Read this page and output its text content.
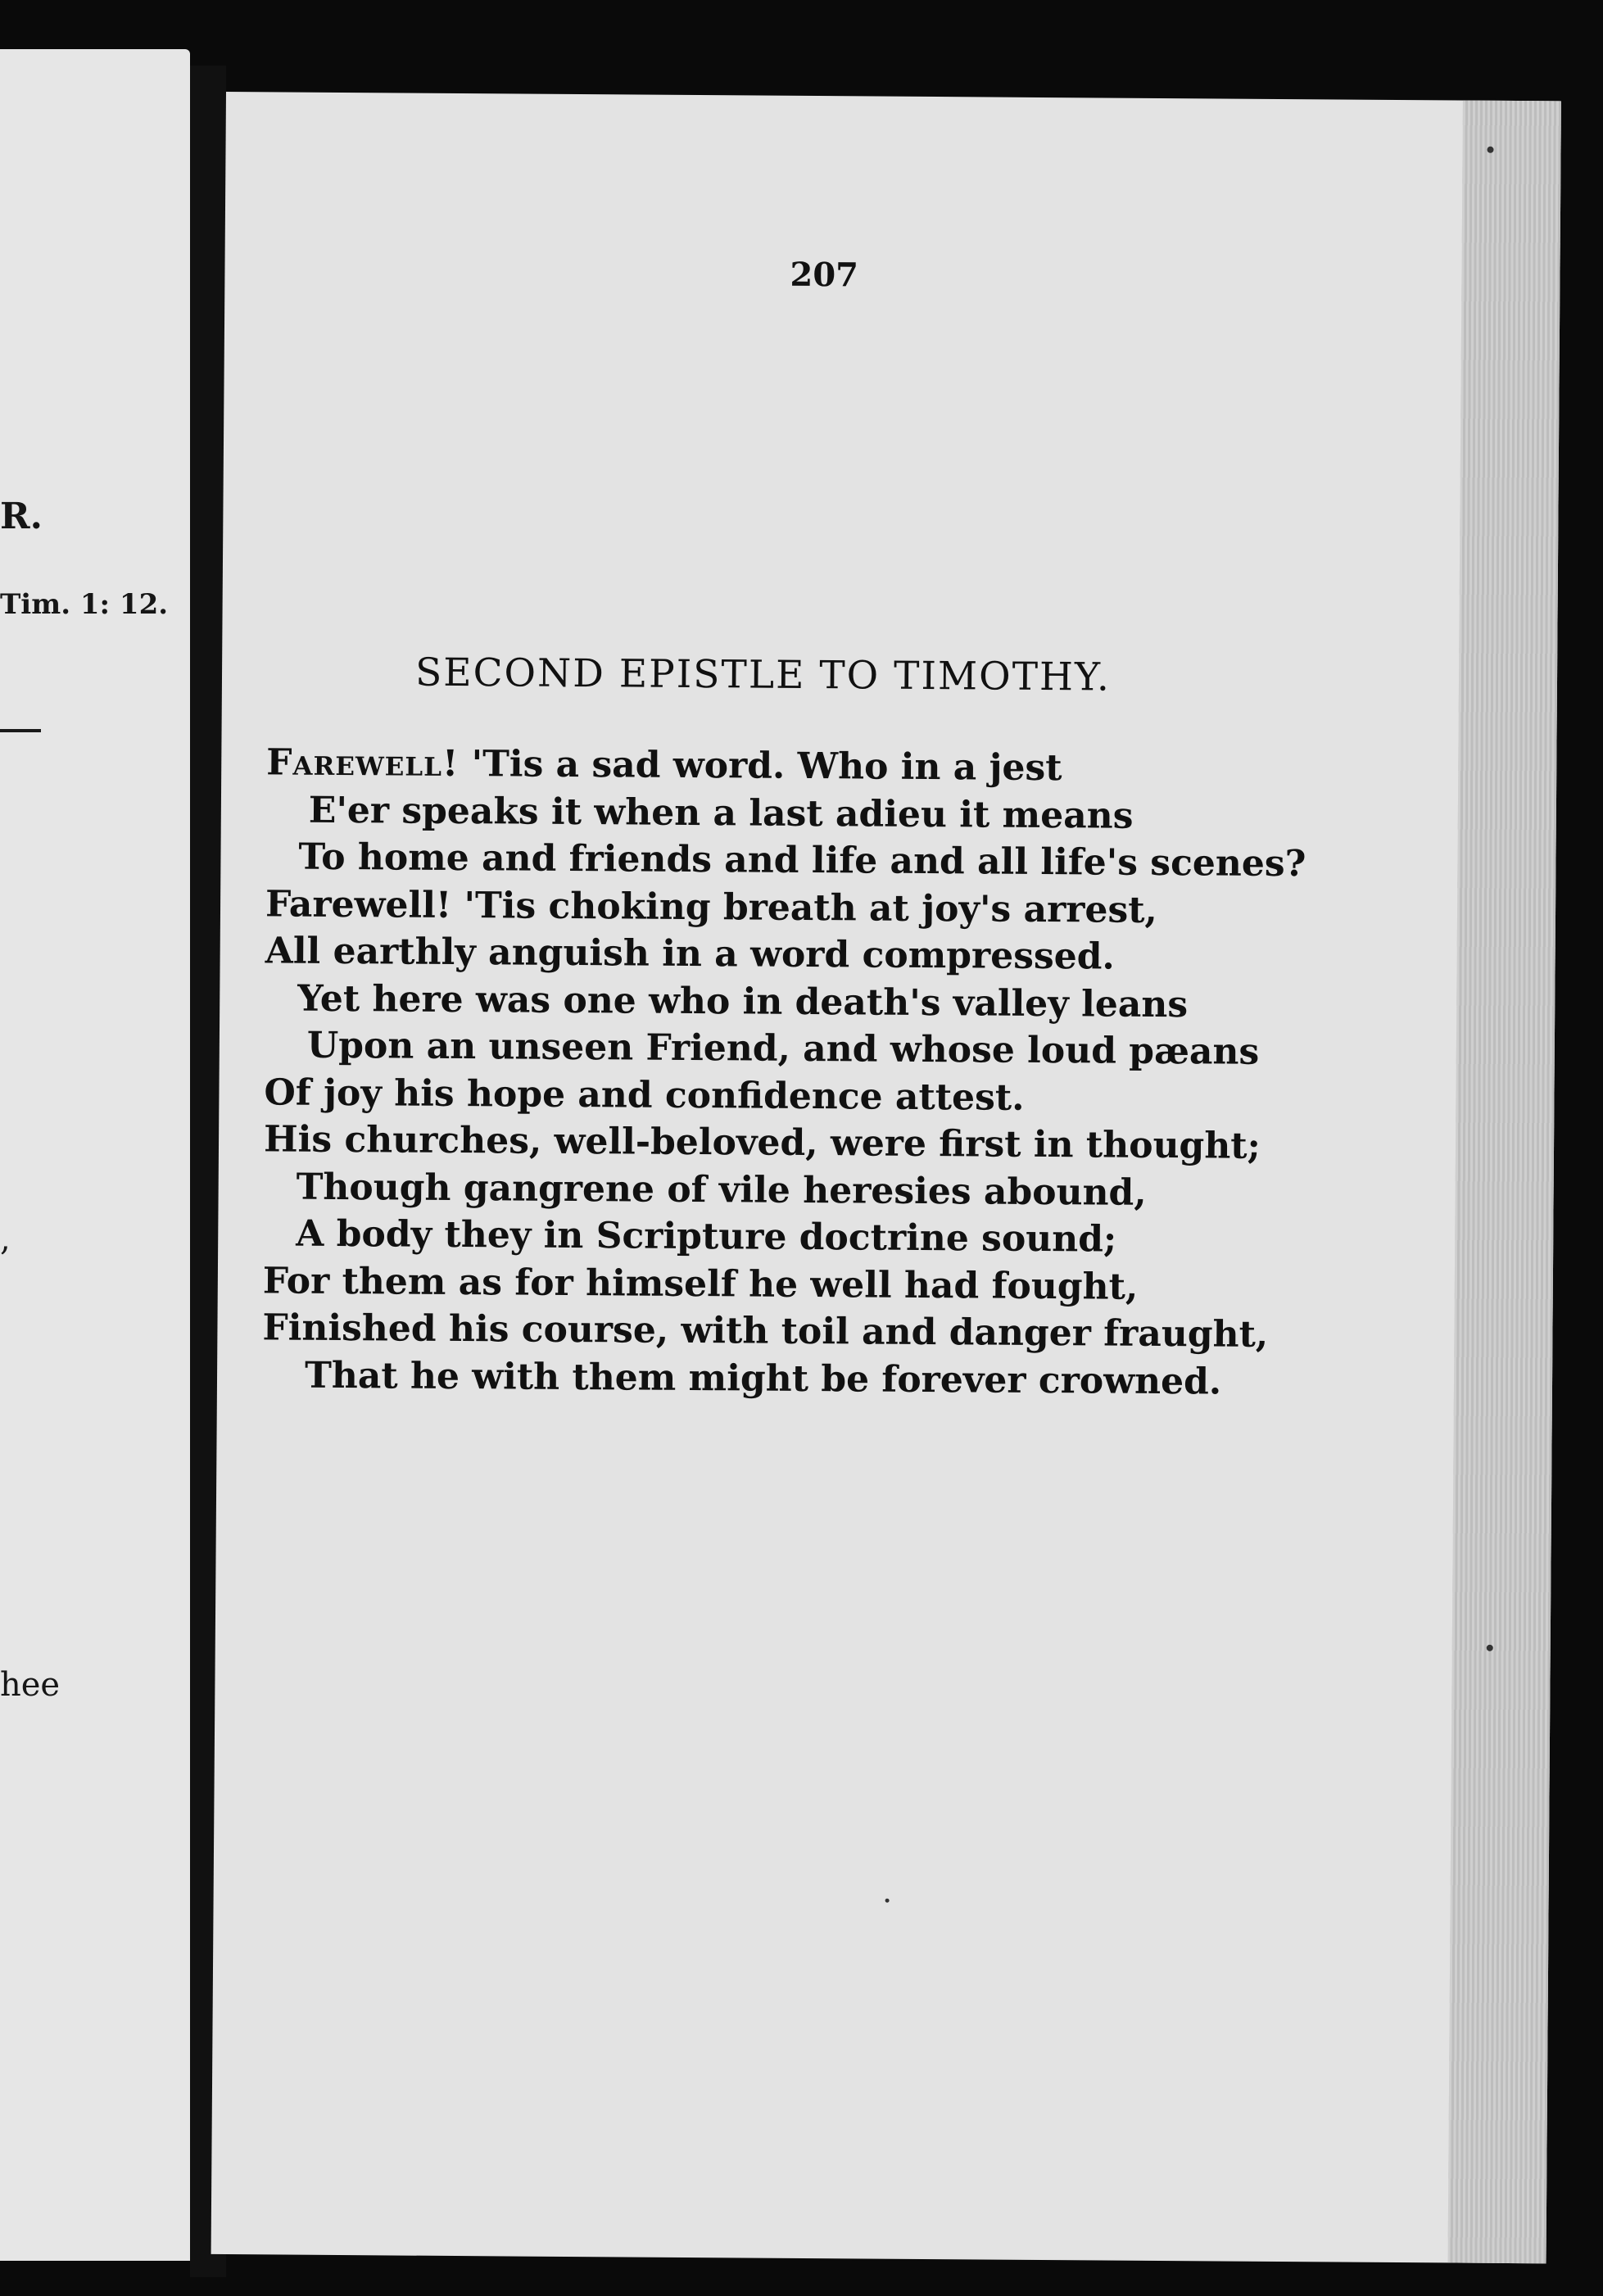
R.
Tim. 1: 12.
,
hee
207
SECOND EPISTLE TO TIMOTHY.
Farewell! 'Tis a sad word. Who in a jest
E'er speaks it when a last adieu it means
To home and friends and life and all life's scenes?
Farewell! 'Tis choking breath at joy's arrest,
All earthly anguish in a word compressed.
Yet here was one who in death's valley leans
Upon an unseen Friend, and whose loud pæans
Of joy his hope and confidence attest.
His churches, well-beloved, were first in thought;
Though gangrene of vile heresies abound,
A body they in Scripture doctrine sound;
For them as for himself he well had fought,
Finished his course, with toil and danger fraught,
That he with them might be forever crowned.
